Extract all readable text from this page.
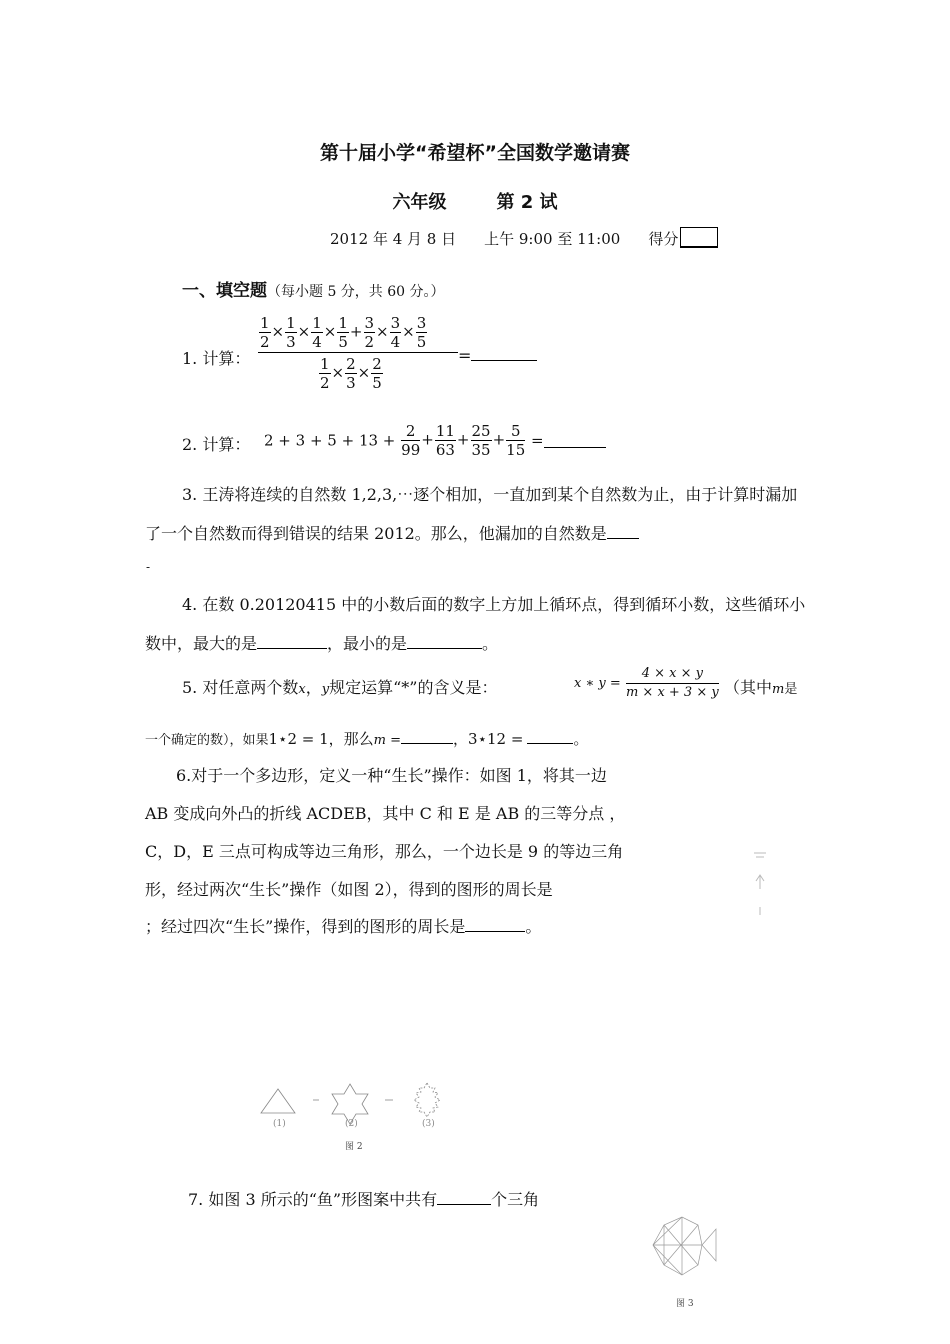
第十届小学“希望杯”全国数学邀请赛
六年级	第 2 试
2012 年 4 月 8 日 上午 9:00 至 11:00 得分
一、填空题（每小题 5 分，共 60 分。）
1. 计算： $\frac{\frac{1}{2} \times \frac{1}{3} \times \frac{1}{4} \times \frac{1}{5} + \frac{3}{2} \times \frac{3}{4} \times \frac{3}{5}}{\frac{1}{2} \times \frac{2}{3} \times \frac{2}{5}}$ =
2. 计算： $2 + 3 + 5 + 13 + \frac{2}{99} + \frac{11}{63} + \frac{25}{35} + \frac{5}{15}$ =
3. 王涛将连续的自然数 1,2,3,⋯逐个相加，一直加到某个自然数为止，由于计算时漏加了一个自然数而得到错误的结果 2012。那么，他漏加的自然数是
-
4. 在数 0.20120415 中的小数后面的数字上方加上循环点，得到循环小数，这些循环小数中，最大的是	，最小的是	。
5. 对任意两个数x，y规定运算“*”的含义是：	x ∗ $y = \frac{4 \times x \times y}{m \times x + 3 \times y}$ （其中m是
一个确定的数），如果1⋆2 = 1，那么m =	，3⋆12 =	。
6.对于一个多边形，定义一种“生长”操作：如图 1，将其一边
AB 变成向外凸的折线 ACDEB，其中 C 和 E 是 AB 的三等分点 ，
C，D，E 三点可构成等边三角形，那么，一个边长是 9 的等边三角
形，经过两次“生长”操作（如图 2），得到的图形的周长是
；经过四次“生长”操作，得到的图形的周长是	。
(1)	(2)	(3)
图 2
7. 如图 3 所示的“鱼”形图案中共有	个三角
图 3
